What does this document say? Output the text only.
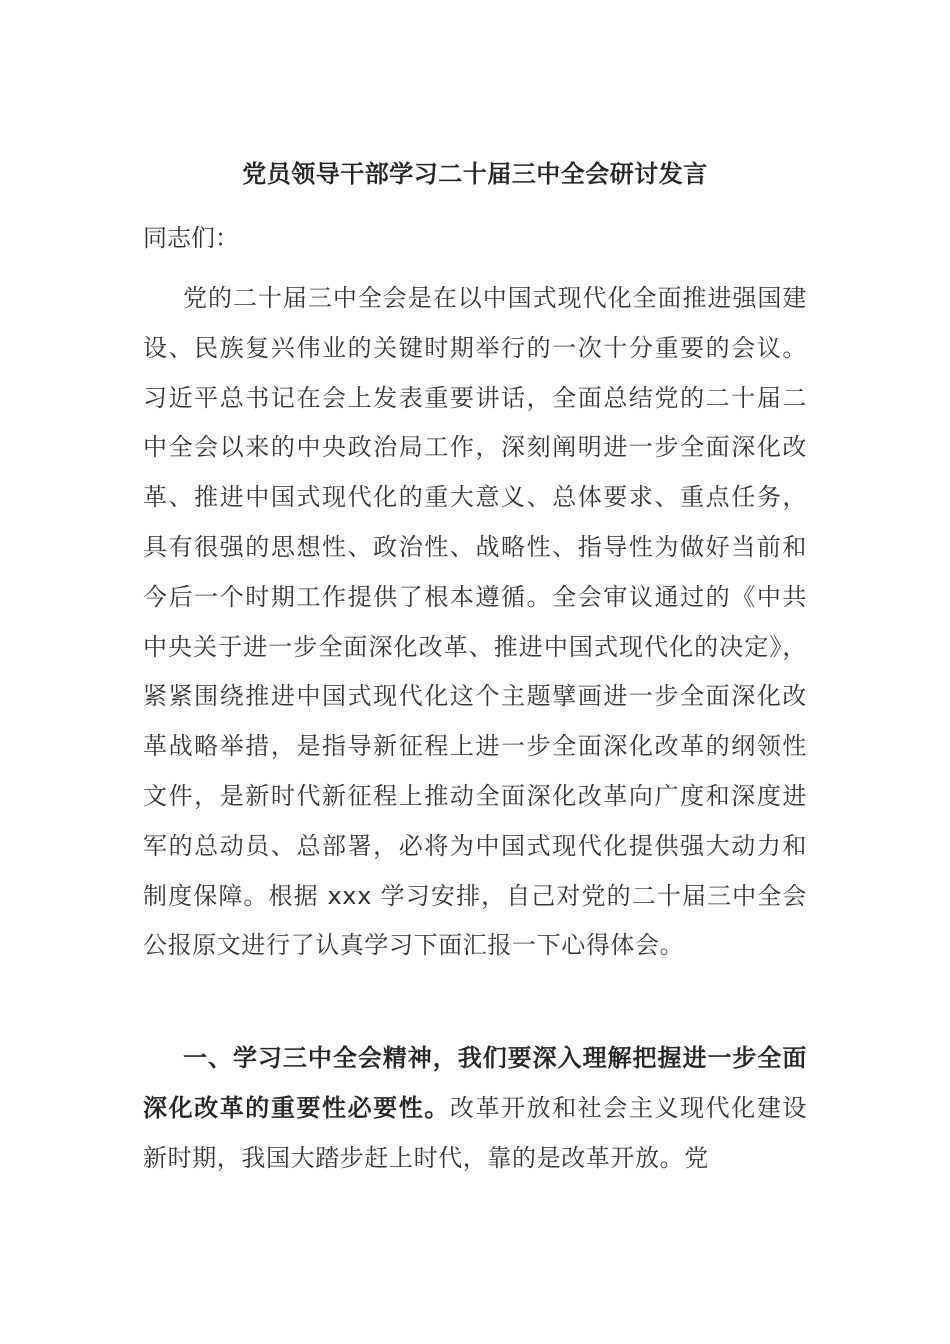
党员领导干部学习二十届三中全会研讨发言
同志们：

党的二十届三中全会是在以中国式现代化全面推进强国建设、民族复兴伟业的关键时期举行的一次十分重要的会议。习近平总书记在会上发表重要讲话，全面总结党的二十届二中全会以来的中央政治局工作，深刻阐明进一步全面深化改革、推进中国式现代化的重大意义、总体要求、重点任务，具有很强的思想性、政治性、战略性、指导性为做好当前和今后一个时期工作提供了根本遵循。全会审议通过的《中共中央关于进一步全面深化改革、推进中国式现代化的决定》，紧紧围绕推进中国式现代化这个主题擘画进一步全面深化改革战略举措，是指导新征程上进一步全面深化改革的纲领性文件，是新时代新征程上推动全面深化改革向广度和深度进军的总动员、总部署，必将为中国式现代化提供强大动力和制度保障。根据 xxx 学习安排，自己对党的二十届三中全会公报原文进行了认真学习下面汇报一下心得体会。

一、学习三中全会精神，我们要深入理解把握进一步全面深化改革的重要性必要性。改革开放和社会主义现代化建设新时期，我国大踏步赶上时代，靠的是改革开放。党
